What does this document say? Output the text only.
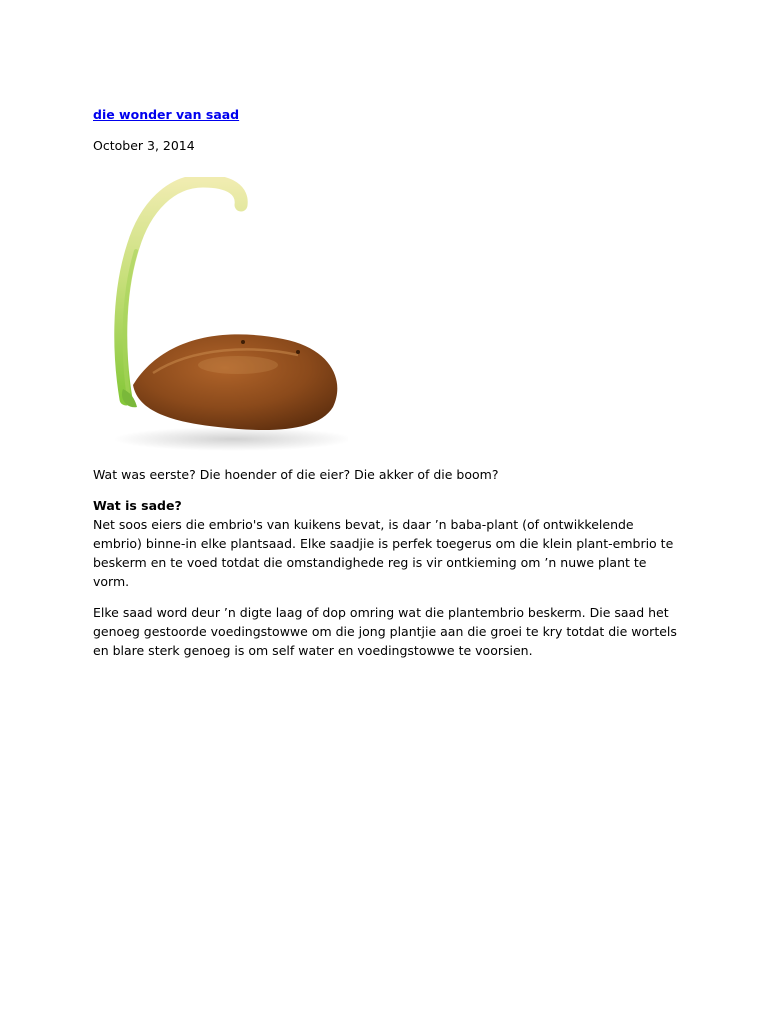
die wonder van saad

October 3, 2014

Wat was eerste? Die hoender of die eier? Die akker of die boom?

Wat is sade?

Net soos eiers die embrio's van kuikens bevat, is daar ’n baba-plant (of ontwikkelende embrio) binne-in elke plantsaad. Elke saadjie is perfek toegerus om die klein plant-embrio te beskerm en te voed totdat die omstandighede reg is vir ontkieming om ’n nuwe plant te vorm.

Elke saad word deur ’n digte laag of dop omring wat die plantembrio beskerm. Die saad het genoeg gestoorde voedingstowwe om die jong plantjie aan die groei te kry totdat die wortels en blare sterk genoeg is om self water en voedingstowwe te voorsien.
